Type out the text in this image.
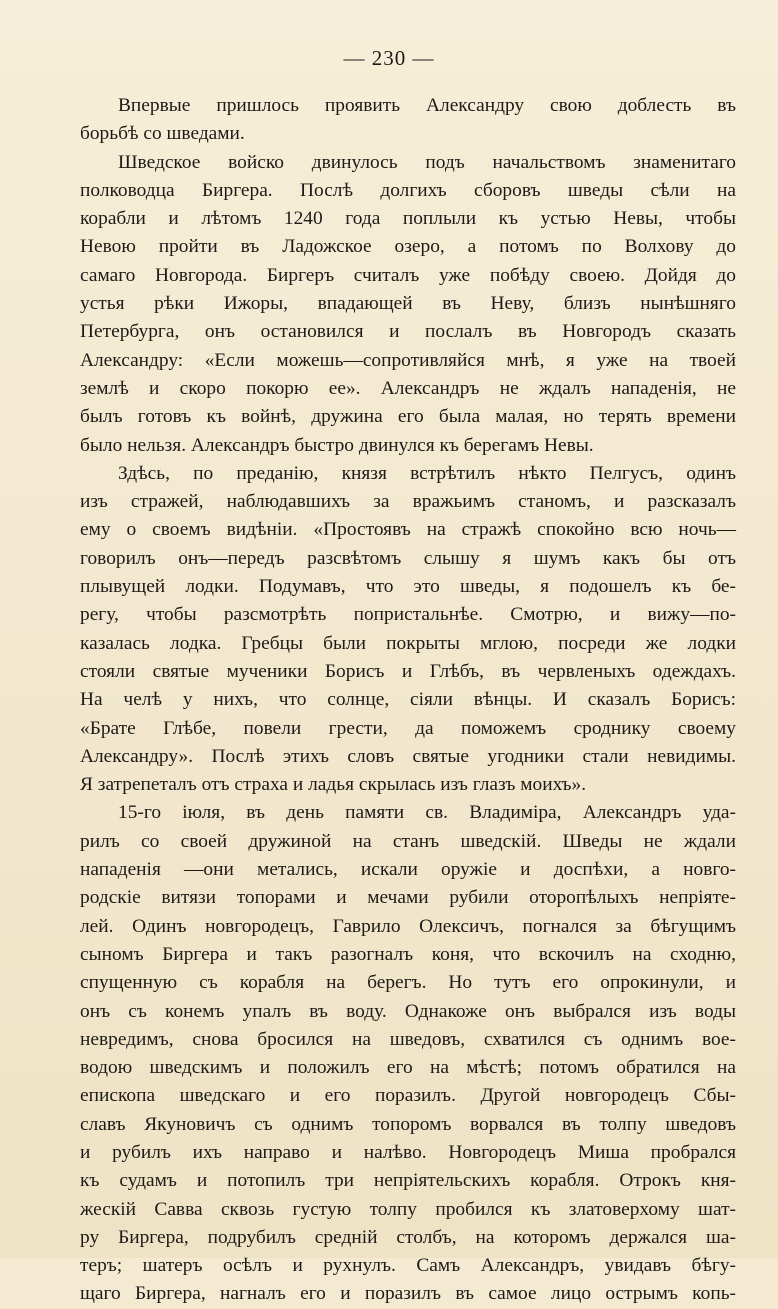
— 230 —
Впервые пришлось проявить Александру свою доблесть въ
борьбѣ со шведами.
Шведское войско двинулось подъ начальствомъ знаменитаго
полководца Биргера. Послѣ долгихъ сборовъ шведы сѣли на
корабли и лѣтомъ 1240 года поплыли къ устью Невы, чтобы
Невою пройти въ Ладожское озеро, а потомъ по Волхову до
самаго Новгорода. Биргеръ считалъ уже побѣду своею. Дойдя до
устья рѣки Ижоры, впадающей въ Неву, близъ нынѣшняго
Петербурга, онъ остановился и послалъ въ Новгородъ сказать
Александру: «Если можешь—сопротивляйся мнѣ, я уже на твоей
землѣ и скоро покорю ее». Александръ не ждалъ нападенія, не
былъ готовъ къ войнѣ, дружина его была малая, но терять времени
было нельзя. Александръ быстро двинулся къ берегамъ Невы.
Здѣсь, по преданію, князя встрѣтилъ нѣкто Пелгусъ, одинъ
изъ стражей, наблюдавшихъ за вражьимъ станомъ, и разсказалъ
ему о своемъ видѣніи. «Простоявъ на стражѣ спокойно всю ночь—
говорилъ онъ—передъ разсвѣтомъ слышу я шумъ какъ бы отъ
плывущей лодки. Подумавъ, что это шведы, я подошелъ къ бе-
регу, чтобы разсмотрѣть попристальнѣе. Смотрю, и вижу—по-
казалась лодка. Гребцы были покрыты мглою, посреди же лодки
стояли святые мученики Борисъ и Глѣбъ, въ червленыхъ одеждахъ.
На челѣ у нихъ, что солнце, сіяли вѣнцы. И сказалъ Борисъ:
«Брате Глѣбе, повели грести, да поможемъ сроднику своему
Александру». Послѣ этихъ словъ святые угодники стали невидимы.
Я затрепеталъ отъ страха и ладья скрылась изъ глазъ моихъ».
15-го іюля, въ день памяти св. Владиміра, Александръ уда-
рилъ со своей дружиной на станъ шведскій. Шведы не ждали
нападенія —они метались, искали оружіе и доспѣхи, а новго-
родскіе витязи топорами и мечами рубили оторопѣлыхъ непріяте-
лей. Одинъ новгородецъ, Гаврило Олексичъ, погнался за бѣгущимъ
сыномъ Биргера и такъ разогналъ коня, что вскочилъ на сходню,
спущенную съ корабля на берегъ. Но тутъ его опрокинули, и
онъ съ конемъ упалъ въ воду. Однакоже онъ выбрался изъ воды
невредимъ, снова бросился на шведовъ, схватился съ однимъ вое-
водою шведскимъ и положилъ его на мѣстѣ; потомъ обратился на
епископа шведскаго и его поразилъ. Другой новгородецъ Сбы-
славъ Якуновичъ съ однимъ топоромъ ворвался въ толпу шведовъ
и рубилъ ихъ направо и налѣво. Новгородецъ Миша пробрался
къ судамъ и потопилъ три непріятельскихъ корабля. Отрокъ кня-
жескій Савва сквозь густую толпу пробился къ златоверхому шат-
ру Биргера, подрубилъ средній столбъ, на которомъ держался ша-
теръ; шатеръ осѣлъ и рухнулъ. Самъ Александръ, увидавъ бѣгу-
щаго Биргера, нагналъ его и поразилъ въ самое лицо острымъ копь-
